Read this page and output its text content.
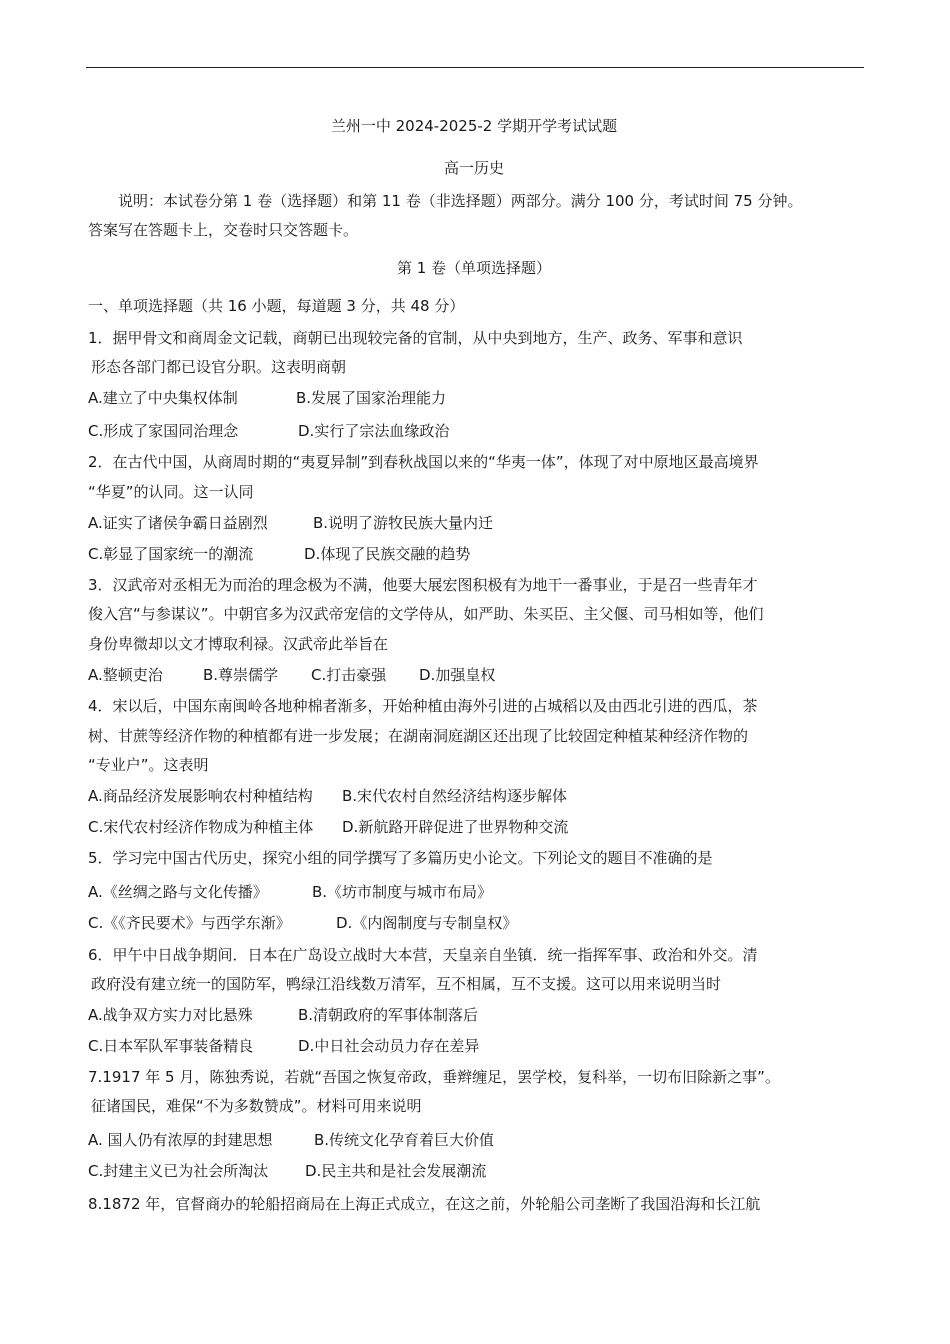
兰州一中 2024-2025-2 学期开学考试试题
高一历史
说明：本试卷分第 1 卷（选择题）和第 11 卷（非选择题）两部分。满分 100 分，考试时间 75 分钟。
答案写在答题卡上，交卷时只交答题卡。
第 1 卷（单项选择题）
一、单项选择题（共 16 小题，每道题 3 分，共 48 分）
1．据甲骨文和商周金文记载，商朝已出现较完备的官制，从中央到地方，生产、政务、军事和意识
形态各部门都已设官分职。这表明商朝
A.建立了中央集权体制	B.发展了国家治理能力
C.形成了家国同治理念	D.实行了宗法血缘政治
2．在古代中国，从商周时期的“夷夏异制”到春秋战国以来的“华夷一体”，体现了对中原地区最高境界
“华夏”的认同。这一认同
A.证实了诸侯争霸日益剧烈	B.说明了游牧民族大量内迁
C.彰显了国家统一的潮流	D.体现了民族交融的趋势
3．汉武帝对丞相无为而治的理念极为不满，他要大展宏图积极有为地干一番事业，于是召一些青年才
俊入宫“与参谋议”。中朝官多为汉武帝宠信的文学侍从，如严助、朱买臣、主父偃、司马相如等，他们
身份卑微却以文才博取利禄。汉武帝此举旨在
A.整顿吏治	B.尊崇儒学 C.打击豪强 D.加强皇权
4．宋以后，中国东南闽岭各地种棉者渐多，开始种植由海外引进的占城稻以及由西北引进的西瓜，茶
树、甘蔗等经济作物的种植都有进一步发展；在湖南洞庭湖区还出现了比较固定种植某种经济作物的
“专业户”。这表明
A.商品经济发展影响农村种植结构 B.宋代农村自然经济结构逐步解体
C.宋代农村经济作物成为种植主体 D.新航路开辟促进了世界物种交流
5．学习完中国古代历史，探究小组的同学撰写了多篇历史小论文。下列论文的题目不准确的是
A.《丝绸之路与文化传播》	B.《坊市制度与城市布局》
C.《《齐民要术》与西学东渐》	D.《内阁制度与专制皇权》
6．甲午中日战争期间．日本在广岛设立战时大本营，天皇亲自坐镇．统一指挥军事、政治和外交。清
政府没有建立统一的国防军，鸭绿江沿线数万清军，互不相属，互不支援。这可以用来说明当时
A.战争双方实力对比悬殊	B.清朝政府的军事体制落后
C.日本军队军事装备精良	D.中日社会动员力存在差异
7.1917 年 5 月，陈独秀说，若就“吾国之恢复帝政，垂辫缠足，罢学校，复科举，一切布旧除新之事”。
征诸国民，难保“不为多数赞成”。材料可用来说明
A. 国人仍有浓厚的封建思想	B.传统文化孕育着巨大价值
C.封建主义已为社会所淘汰 D.民主共和是社会发展潮流
8.1872 年，官督商办的轮船招商局在上海正式成立，在这之前，外轮船公司垄断了我国沿海和长江航
